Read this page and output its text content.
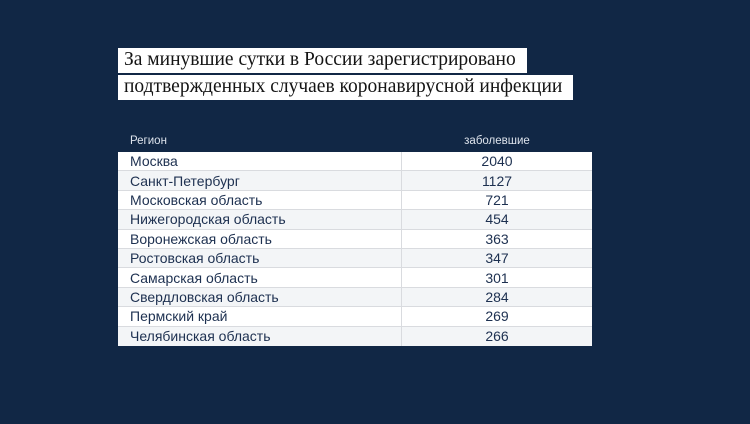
За минувшие сутки в России зарегистрировано
подтвержденных случаев коронавирусной инфекции
Регион	заболевшие
Москва	2040
Санкт-Петербург	1127
Московская область	721
Нижегородская область	454
Воронежская область	363
Ростовская область	347
Самарская область	301
Свердловская область	284
Пермский край	269
Челябинская область	266
